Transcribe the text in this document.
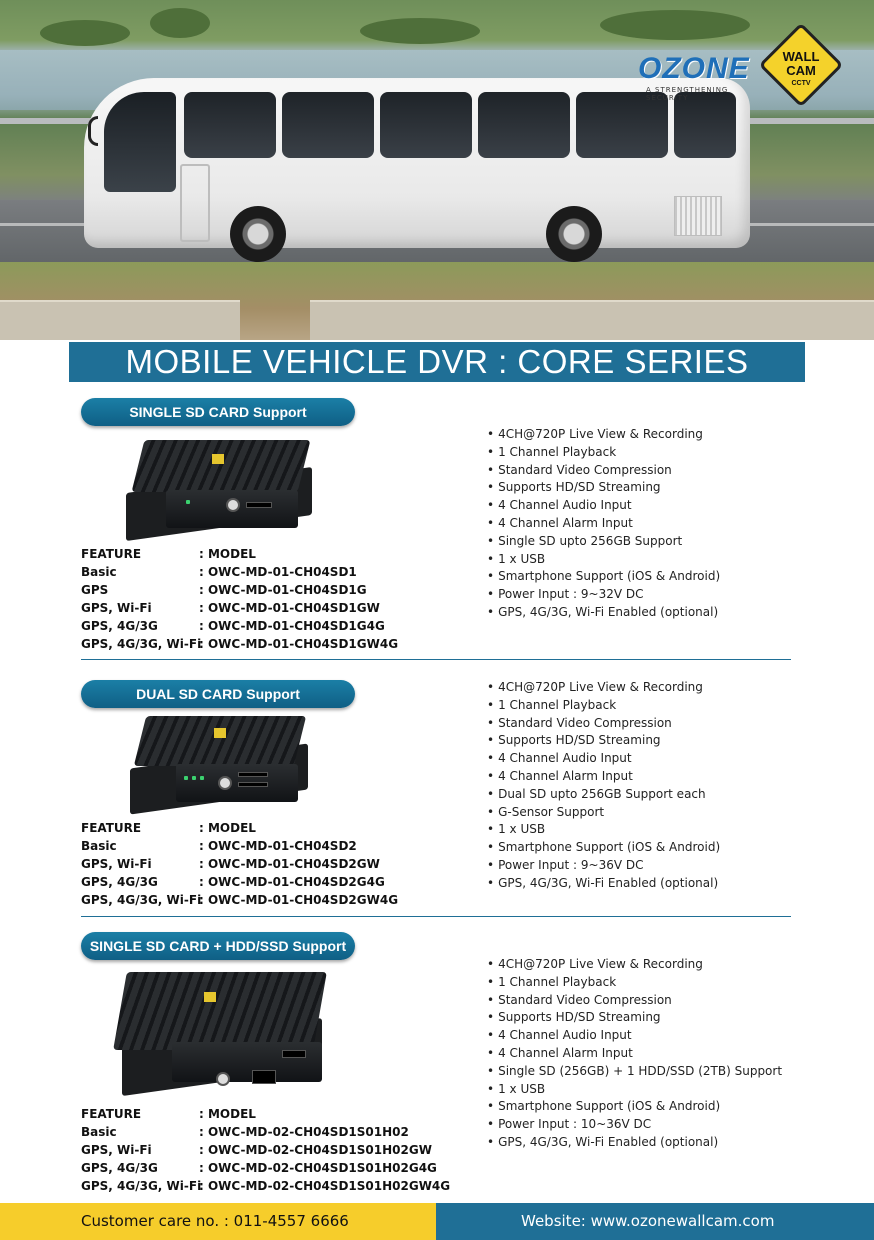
OZONE
A STRENGTHENING SECURITY
WALL
CAM
CCTV
MOBILE VEHICLE DVR : CORE SERIES
SINGLE SD CARD Support
FEATURE	: MODEL
Basic	: OWC-MD-01-CH04SD1
GPS	: OWC-MD-01-CH04SD1G
GPS, Wi-Fi	: OWC-MD-01-CH04SD1GW
GPS, 4G/3G	: OWC-MD-01-CH04SD1G4G
GPS, 4G/3G, Wi-Fi
: OWC-MD-01-CH04SD1GW4G
• 4CH@720P Live View & Recording
• 1 Channel Playback
• Standard Video Compression
• Supports HD/SD Streaming
• 4 Channel Audio Input
• 4 Channel Alarm Input
• Single SD upto 256GB Support
• 1 x USB
• Smartphone Support (iOS & Android)
• Power Input : 9~32V DC
• GPS, 4G/3G, Wi-Fi Enabled (optional)
DUAL SD CARD Support
FEATURE	: MODEL
Basic	: OWC-MD-01-CH04SD2
GPS, Wi-Fi	: OWC-MD-01-CH04SD2GW
GPS, 4G/3G	: OWC-MD-01-CH04SD2G4G
GPS, 4G/3G, Wi-Fi
: OWC-MD-01-CH04SD2GW4G
• 4CH@720P Live View & Recording
• 1 Channel Playback
• Standard Video Compression
• Supports HD/SD Streaming
• 4 Channel Audio Input
• 4 Channel Alarm Input
• Dual SD upto 256GB Support each
• G-Sensor Support
• 1 x USB
• Smartphone Support (iOS & Android)
• Power Input : 9~36V DC
• GPS, 4G/3G, Wi-Fi Enabled (optional)
SINGLE SD CARD + HDD/SSD Support
FEATURE	: MODEL
Basic	: OWC-MD-02-CH04SD1S01H02
GPS, Wi-Fi	: OWC-MD-02-CH04SD1S01H02GW
GPS, 4G/3G	: OWC-MD-02-CH04SD1S01H02G4G
GPS, 4G/3G, Wi-Fi
: OWC-MD-02-CH04SD1S01H02GW4G
• 4CH@720P Live View & Recording
• 1 Channel Playback
• Standard Video Compression
• Supports HD/SD Streaming
• 4 Channel Audio Input
• 4 Channel Alarm Input
• Single SD (256GB) + 1 HDD/SSD (2TB) Support
• 1 x USB
• Smartphone Support (iOS & Android)
• Power Input : 10~36V DC
• GPS, 4G/3G, Wi-Fi Enabled (optional)
Customer care no. : 011-4557 6666	Website: www.ozonewallcam.com
